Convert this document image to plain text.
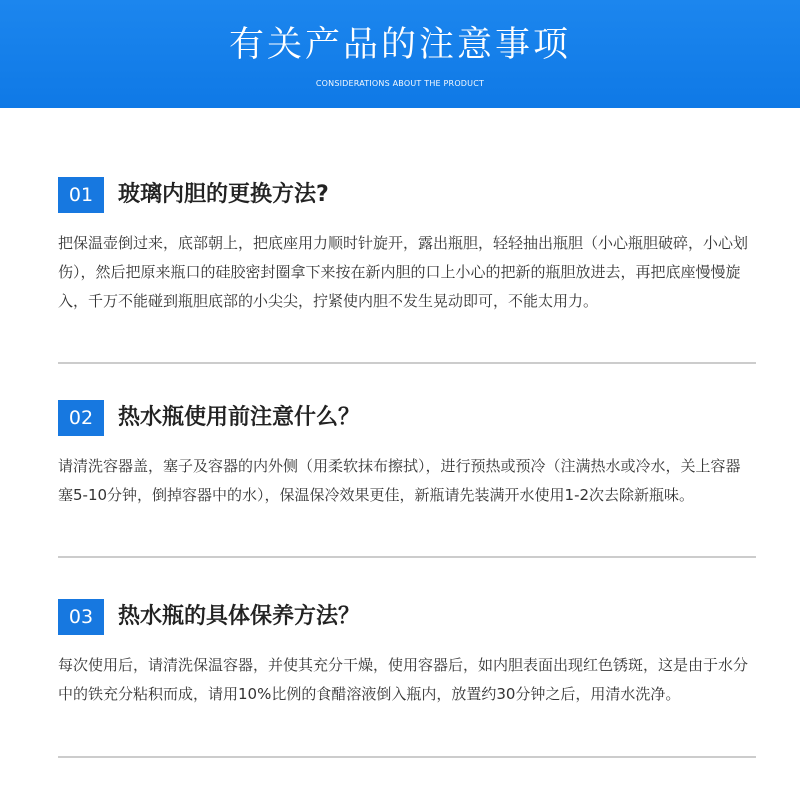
有关产品的注意事项
CONSIDERATIONS ABOUT THE PRODUCT
01	玻璃内胆的更换方法?
把保温壶倒过来，底部朝上，把底座用力顺时针旋开，露出瓶胆，轻轻抽出瓶胆（小心瓶胆破碎，小心划伤），然后把原来瓶口的硅胶密封圈拿下来按在新内胆的口上小心的把新的瓶胆放进去，再把底座慢慢旋入，千万不能碰到瓶胆底部的小尖尖，拧紧使内胆不发生晃动即可，不能太用力。
02	热水瓶使用前注意什么？
请清洗容器盖，塞子及容器的内外侧（用柔软抹布擦拭），进行预热或预冷（注满热水或冷水，关上容器塞5-10分钟，倒掉容器中的水），保温保冷效果更佳，新瓶请先装满开水使用1-2次去除新瓶味。
03	热水瓶的具体保养方法？
每次使用后，请清洗保温容器，并使其充分干燥，使用容器后，如内胆表面出现红色锈斑，这是由于水分中的铁充分粘积而成，请用10%比例的食醋溶液倒入瓶内，放置约30分钟之后，用清水洗净。
